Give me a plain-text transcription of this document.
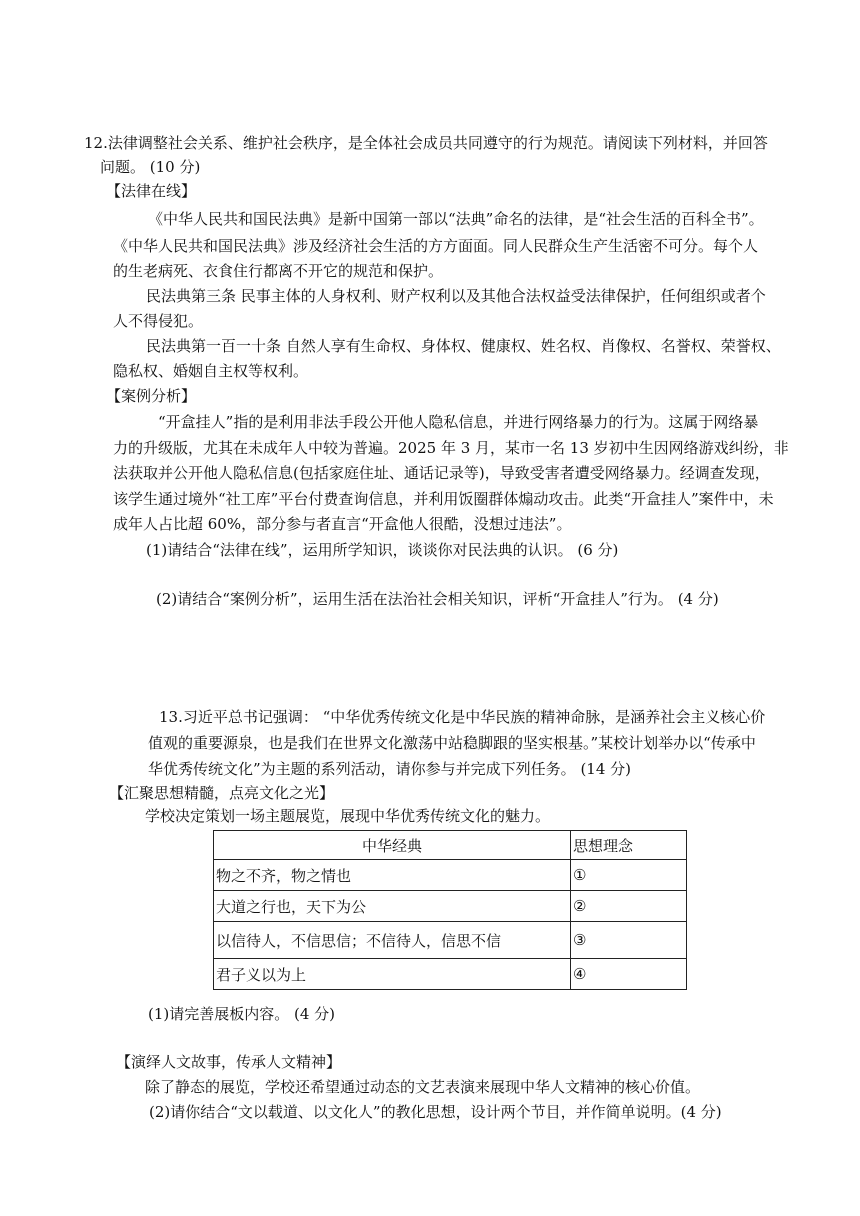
12.法律调整社会关系、维护社会秩序，是全体社会成员共同遵守的行为规范。请阅读下列材料，并回答
问题。 (10 分)
【法律在线】
《中华人民共和国民法典》是新中国第一部以“法典”命名的法律，是“社会生活的百科全书”。
《中华人民共和国民法典》涉及经济社会生活的方方面面。同人民群众生产生活密不可分。每个人
的生老病死、衣食住行都离不开它的规范和保护。
民法典第三条 民事主体的人身权利、财产权利以及其他合法权益受法律保护，任何组织或者个
人不得侵犯。
民法典第一百一十条 自然人享有生命权、身体权、健康权、姓名权、肖像权、名誉权、荣誉权、
隐私权、婚姻自主权等权利。
【案例分析】
“开盒挂人”指的是利用非法手段公开他人隐私信息，并进行网络暴力的行为。这属于网络暴
力的升级版，尤其在未成年人中较为普遍。2025 年 3 月，某市一名 13 岁初中生因网络游戏纠纷，非
法获取并公开他人隐私信息(包括家庭住址、通话记录等)，导致受害者遭受网络暴力。经调查发现，
该学生通过境外“社工库”平台付费查询信息，并利用饭圈群体煽动攻击。此类“开盒挂人”案件中，未
成年人占比超 60%，部分参与者直言“开盒他人很酷，没想过违法”。
(1)请结合“法律在线”，运用所学知识，谈谈你对民法典的认识。 (6 分)
(2)请结合“案例分析”，运用生活在法治社会相关知识，评析“开盒挂人”行为。 (4 分)
13.习近平总书记强调： “中华优秀传统文化是中华民族的精神命脉，是涵养社会主义核心价
值观的重要源泉，也是我们在世界文化激荡中站稳脚跟的坚实根基。”某校计划举办以“传承中
华优秀传统文化”为主题的系列活动，请你参与并完成下列任务。 (14 分)
【汇聚思想精髓，点亮文化之光】
学校决定策划一场主题展览，展现中华优秀传统文化的魅力。
中华经典	思想理念
物之不齐，物之情也	①
大道之行也，天下为公	②
以信待人，不信思信；不信待人，信思不信	③
君子义以为上	④
(1)请完善展板内容。 (4 分)
【演绎人文故事，传承人文精神】
除了静态的展览，学校还希望通过动态的文艺表演来展现中华人文精神的核心价值。
(2)请你结合“文以载道、以文化人”的教化思想，设计两个节目，并作简单说明。(4 分)
